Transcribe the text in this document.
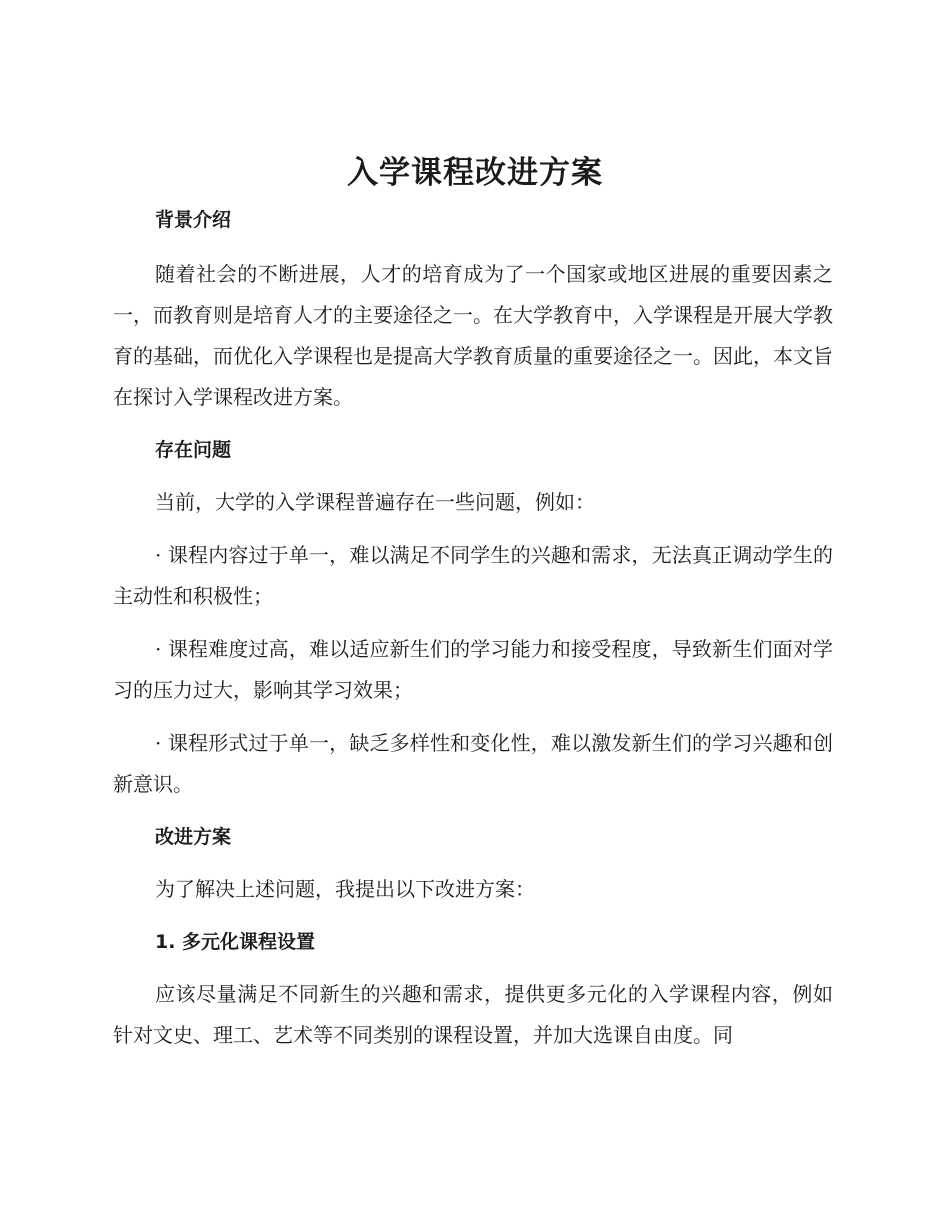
入学课程改进方案
背景介绍

随着社会的不断进展，人才的培育成为了一个国家或地区进展的重要因素之一，而教育则是培育人才的主要途径之一。在大学教育中，入学课程是开展大学教育的基础，而优化入学课程也是提高大学教育质量的重要途径之一。因此，本文旨在探讨入学课程改进方案。

存在问题

当前，大学的入学课程普遍存在一些问题，例如：

· 课程内容过于单一，难以满足不同学生的兴趣和需求，无法真正调动学生的主动性和积极性；

· 课程难度过高，难以适应新生们的学习能力和接受程度，导致新生们面对学习的压力过大，影响其学习效果；

· 课程形式过于单一，缺乏多样性和变化性，难以激发新生们的学习兴趣和创新意识。

改进方案

为了解决上述问题，我提出以下改进方案：

1. 多元化课程设置

应该尽量满足不同新生的兴趣和需求，提供更多元化的入学课程内容，例如针对文史、理工、艺术等不同类别的课程设置，并加大选课自由度。同
